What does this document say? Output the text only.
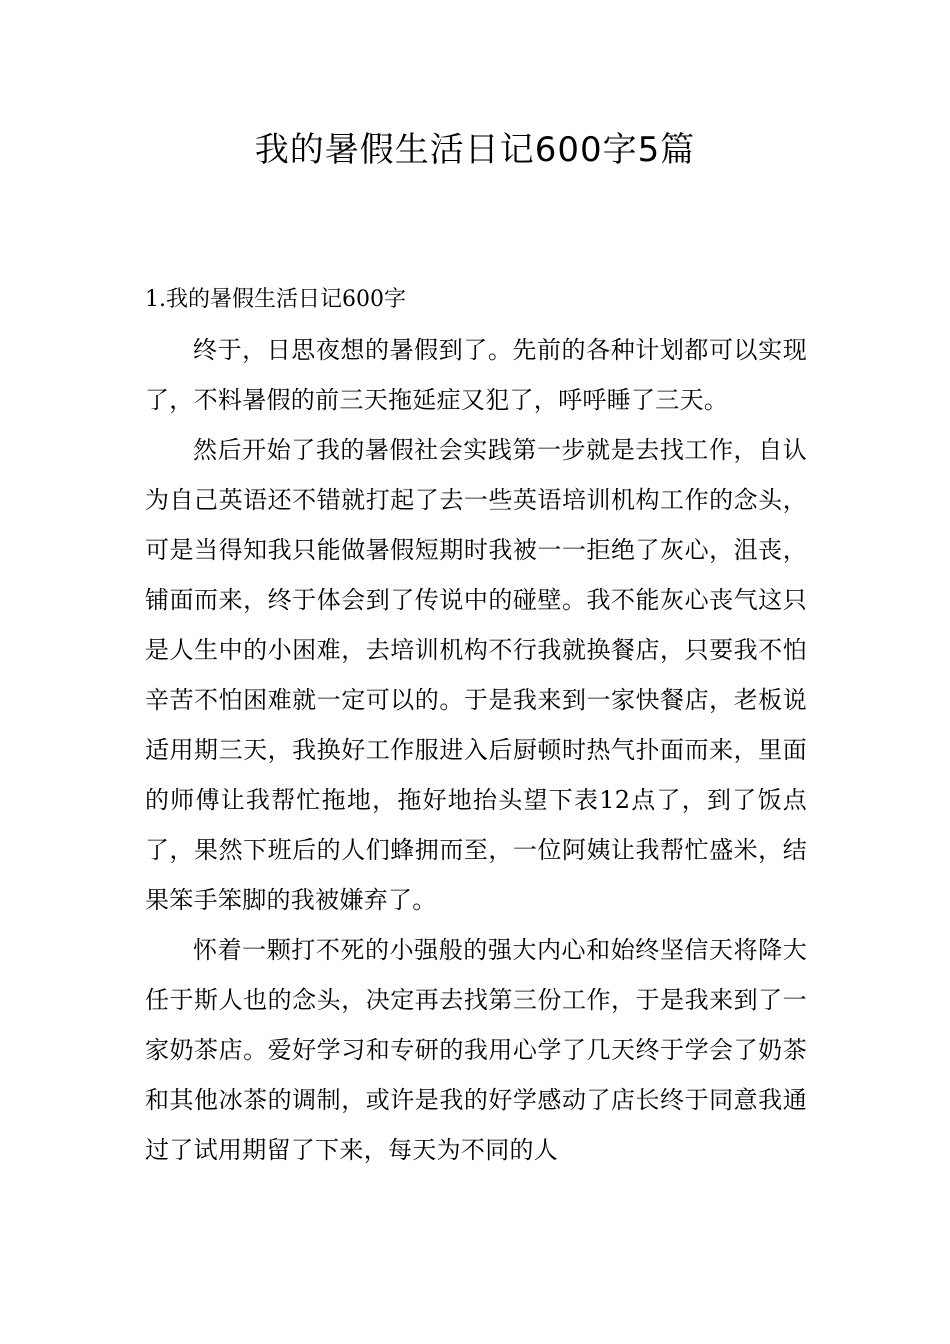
我的暑假生活日记600字5篇

1.我的暑假生活日记600字

终于，日思夜想的暑假到了。先前的各种计划都可以实现了，不料暑假的前三天拖延症又犯了，呼呼睡了三天。

然后开始了我的暑假社会实践第一步就是去找工作，自认为自己英语还不错就打起了去一些英语培训机构工作的念头，可是当得知我只能做暑假短期时我被一一拒绝了灰心，沮丧，铺面而来，终于体会到了传说中的碰壁。我不能灰心丧气这只是人生中的小困难，去培训机构不行我就换餐店，只要我不怕辛苦不怕困难就一定可以的。于是我来到一家快餐店，老板说适用期三天，我换好工作服进入后厨顿时热气扑面而来，里面的师傅让我帮忙拖地，拖好地抬头望下表12点了，到了饭点了，果然下班后的人们蜂拥而至，一位阿姨让我帮忙盛米，结果笨手笨脚的我被嫌弃了。

怀着一颗打不死的小强般的强大内心和始终坚信天将降大任于斯人也的念头，决定再去找第三份工作，于是我来到了一家奶茶店。爱好学习和专研的我用心学了几天终于学会了奶茶和其他冰茶的调制，或许是我的好学感动了店长终于同意我通过了试用期留了下来，每天为不同的人
